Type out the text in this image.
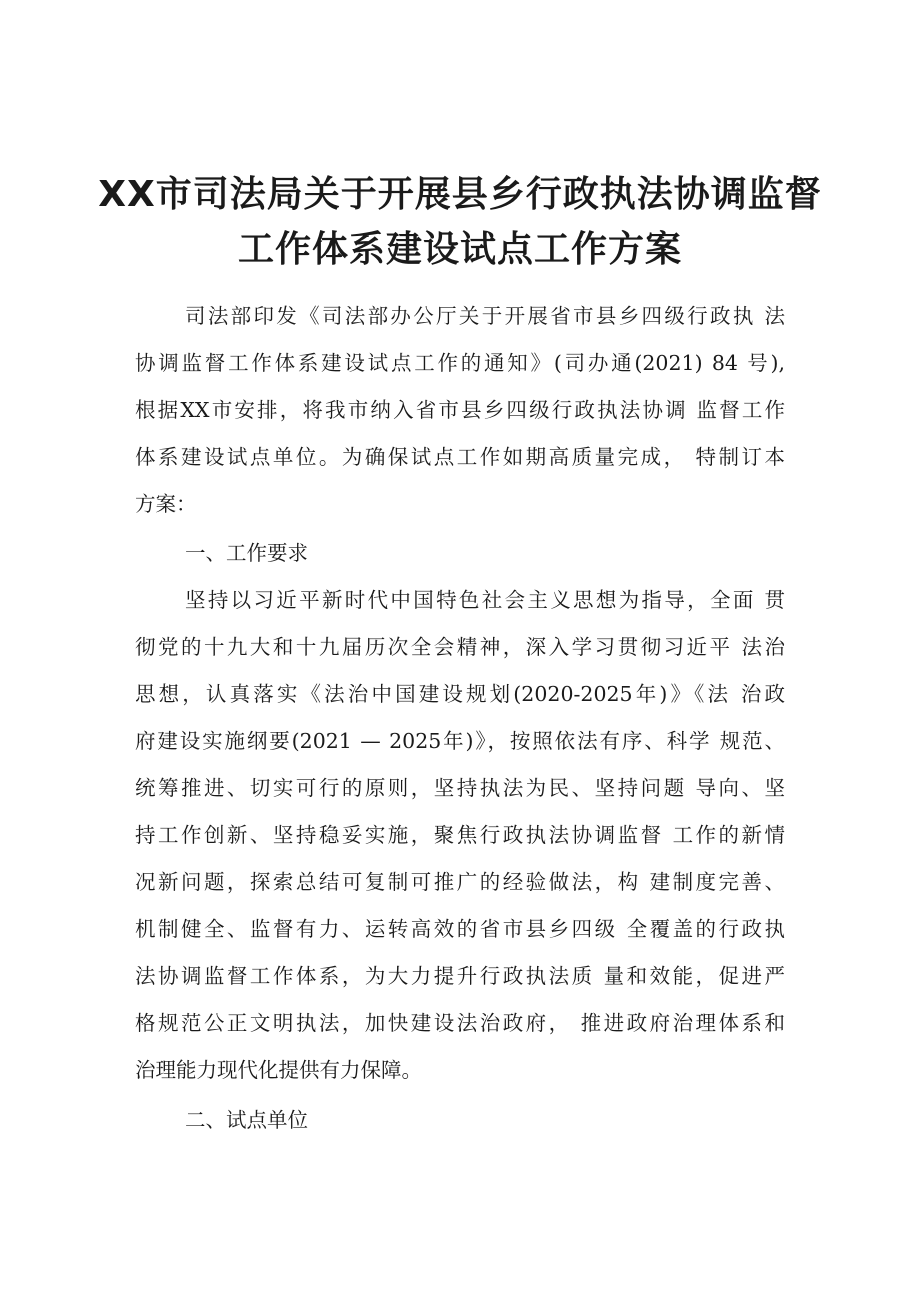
XX市司法局关于开展县乡行政执法协调监督
工作体系建设试点工作方案
司法部印发《司法部办公厅关于开展省市县乡四级行政执 法
协调监督工作体系建设试点工作的通知》(司办通(2021) 84 号),
根据XX市安排，将我市纳入省市县乡四级行政执法协调 监督工作
体系建设试点单位。为确保试点工作如期高质量完成， 特制订本
方案：
一、工作要求
坚持以习近平新时代中国特色社会主义思想为指导，全面 贯
彻党的十九大和十九届历次全会精神，深入学习贯彻习近平 法治
思想，认真落实《法治中国建设规划(2020-2025年)》《法 治政
府建设实施纲要(2021 — 2025年)》，按照依法有序、科学 规范、
统筹推进、切实可行的原则，坚持执法为民、坚持问题 导向、坚
持工作创新、坚持稳妥实施，聚焦行政执法协调监督 工作的新情
况新问题，探索总结可复制可推广的经验做法，构 建制度完善、
机制健全、监督有力、运转高效的省市县乡四级 全覆盖的行政执
法协调监督工作体系，为大力提升行政执法质 量和效能，促进严
格规范公正文明执法，加快建设法治政府， 推进政府治理体系和
治理能力现代化提供有力保障。
二、试点单位
